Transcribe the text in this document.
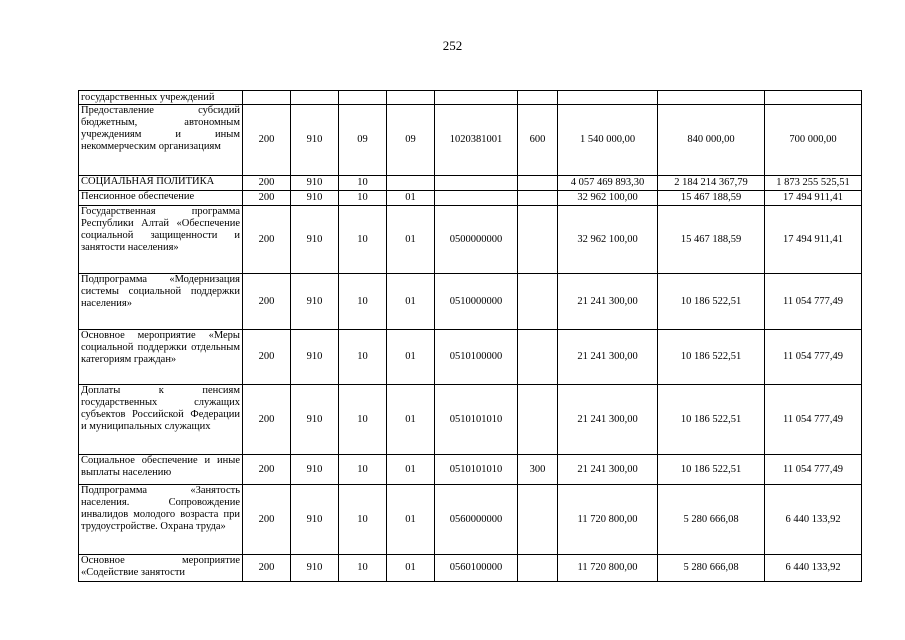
252
государственных учреждений									
Предоставление субсидий бюджетным, автономным учреждениям и иным некоммерческим организациям	200	910	09	09	1020381001	600	1 540 000,00	840 000,00	700 000,00
СОЦИАЛЬНАЯ ПОЛИТИКА	200	910	10				4 057 469 893,30	2 184 214 367,79	1 873 255 525,51
Пенсионное обеспечение	200	910	10	01			32 962 100,00	15 467 188,59	17 494 911,41
Государственная программа Республики Алтай «Обеспечение социальной защищенности и занятости населения»	200	910	10	01	0500000000		32 962 100,00	15 467 188,59	17 494 911,41
Подпрограмма «Модернизация системы социальной поддержки населения»	200	910	10	01	0510000000		21 241 300,00	10 186 522,51	11 054 777,49
Основное мероприятие «Меры социальной поддержки отдельным категориям граждан»	200	910	10	01	0510100000		21 241 300,00	10 186 522,51	11 054 777,49
Доплаты к пенсиям государственных служащих субъектов Российской Федерации и муниципальных служащих	200	910	10	01	0510101010		21 241 300,00	10 186 522,51	11 054 777,49
Социальное обеспечение и иные выплаты населению	200	910	10	01	0510101010	300	21 241 300,00	10 186 522,51	11 054 777,49
Подпрограмма «Занятость населения. Сопровождение инвалидов молодого возраста при трудоустройстве. Охрана труда»	200	910	10	01	0560000000		11 720 800,00	5 280 666,08	6 440 133,92
Основное мероприятие «Содействие занятости	200	910	10	01	0560100000		11 720 800,00	5 280 666,08	6 440 133,92
